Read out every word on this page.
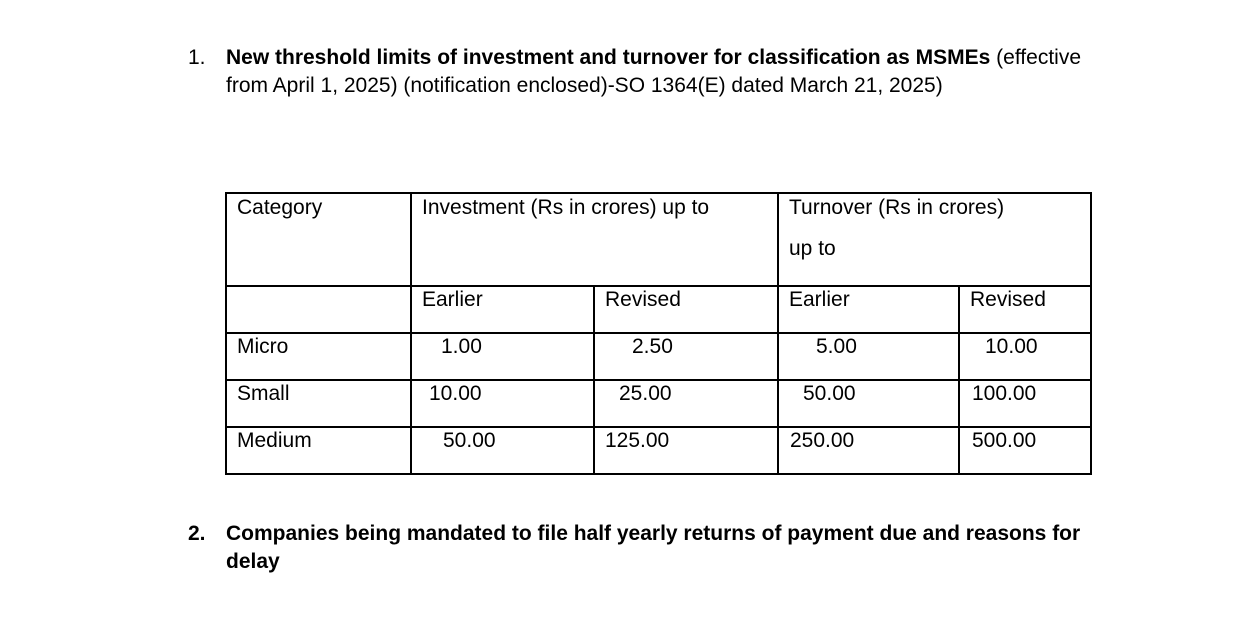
1. New threshold limits of investment and turnover for classification as MSMEs (effective from April 1, 2025) (notification enclosed)-SO 1364(E) dated March 21, 2025)
Category	Investment (Rs in crores) up to		Turnover (Rs in crores)
up to	

	Earlier	Revised	Earlier	Revised
Micro	1.00	2.50	5.00	10.00
Small	10.00	25.00	50.00	100.00
Medium	50.00	125.00	250.00	500.00
2. Companies being mandated to file half yearly returns of payment due and reasons for delay
